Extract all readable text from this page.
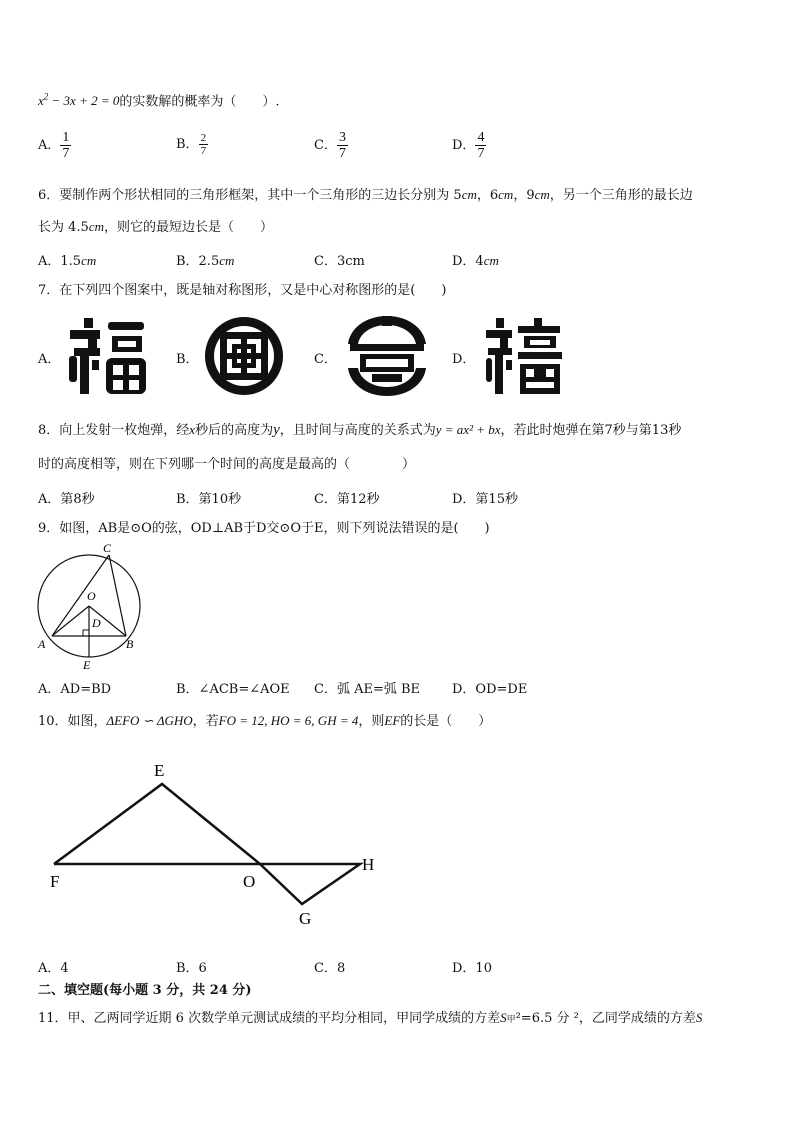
$x^2 - 3x + 2 = 0$的实数解的概率为（　　）.
A． $\frac{1}{7}$	B． $\frac{2}{7}$	C． $\frac{3}{7}$	D． $\frac{4}{7}$
6．要制作两个形状相同的三角形框架，其中一个三角形的三边长分别为 5cm，6cm，9cm，另一个三角形的最长边
长为 4.5cm，则它的最短边长是（　　）
A．1.5cm	B．2.5cm	C．3cm	D．4cm
7．在下列四个图案中，既是轴对称图形，又是中心对称图形的是(　　)
A．	B．	C．	D．
8．向上发射一枚炮弹，经x秒后的高度为y，且时间与高度的关系式为y = ax² + bx，若此时炮弹在第7秒与第13秒
时的高度相等，则在下列哪一个时间的高度是最高的（　　　　）
A．第8秒	B．第10秒	C．第12秒	D．第15秒
9．如图，AB是⊙O的弦，OD⊥AB于D交⊙O于E，则下列说法错误的是(　　)
C
O
D
A	B
E
A．AD=BD	B．∠ACB=∠AOE C．弧 AE=弧 BE D．OD=DE
10．如图，ΔEFO ∽ ΔGHO，若FO = 12, HO = 6, GH = 4，则EF的长是（　　）
E
F	O
H
G
A．4	B．6	C．8	D．10
二、填空题(每小题 3 分，共 24 分)
11．甲、乙两同学近期 6 次数学单元测试成绩的平均分相同，甲同学成绩的方差S甲²=6.5 分 ²，乙同学成绩的方差S
